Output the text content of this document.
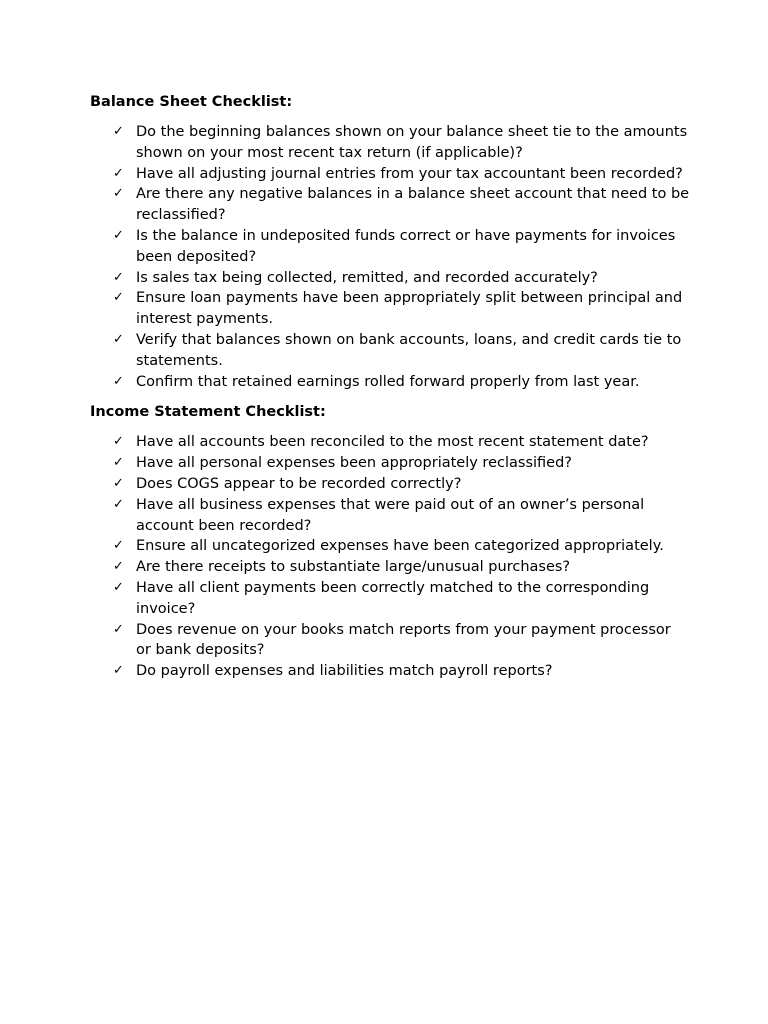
Balance Sheet Checklist:

✓ Do the beginning balances shown on your balance sheet tie to the amounts shown on your most recent tax return (if applicable)?
✓ Have all adjusting journal entries from your tax accountant been recorded?
✓ Are there any negative balances in a balance sheet account that need to be reclassified?
✓ Is the balance in undeposited funds correct or have payments for invoices been deposited?
✓ Is sales tax being collected, remitted, and recorded accurately?
✓ Ensure loan payments have been appropriately split between principal and interest payments.
✓ Verify that balances shown on bank accounts, loans, and credit cards tie to statements.
✓ Confirm that retained earnings rolled forward properly from last year.

Income Statement Checklist:

✓ Have all accounts been reconciled to the most recent statement date?
✓ Have all personal expenses been appropriately reclassified?
✓ Does COGS appear to be recorded correctly?
✓ Have all business expenses that were paid out of an owner’s personal account been recorded?
✓ Ensure all uncategorized expenses have been categorized appropriately.
✓ Are there receipts to substantiate large/unusual purchases?
✓ Have all client payments been correctly matched to the corresponding invoice?
✓ Does revenue on your books match reports from your payment processor or bank deposits?
✓ Do payroll expenses and liabilities match payroll reports?
